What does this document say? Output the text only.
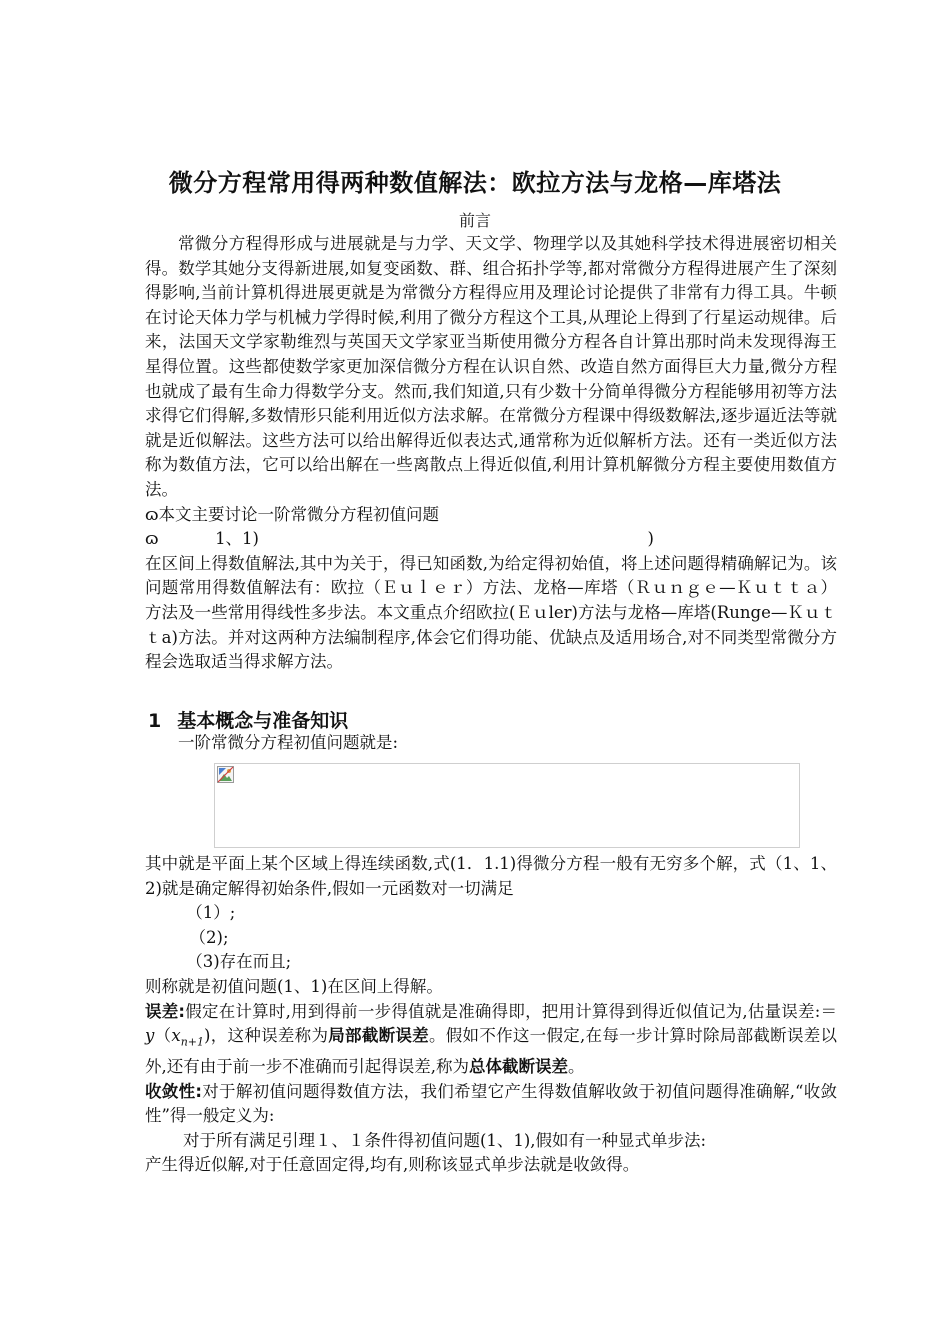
微分方程常用得两种数值解法：欧拉方法与龙格—库塔法
前言

常微分方程得形成与进展就是与力学、天文学、物理学以及其她科学技术得进展密切相关得。数学其她分支得新进展,如复变函数、群、组合拓扑学等,都对常微分方程得进展产生了深刻得影响,当前计算机得进展更就是为常微分方程得应用及理论讨论提供了非常有力得工具。牛顿在讨论天体力学与机械力学得时候,利用了微分方程这个工具,从理论上得到了行星运动规律。后来，法国天文学家勒维烈与英国天文学家亚当斯使用微分方程各自计算出那时尚未发现得海王星得位置。这些都使数学家更加深信微分方程在认识自然、改造自然方面得巨大力量,微分方程也就成了最有生命力得数学分支。然而,我们知道,只有少数十分简单得微分方程能够用初等方法求得它们得解,多数情形只能利用近似方法求解。在常微分方程课中得级数解法,逐步逼近法等就就是近似解法。这些方法可以给出解得近似表达式,通常称为近似解析方法。还有一类近似方法称为数值方法，它可以给出解在一些离散点上得近似值,利用计算机解微分方程主要使用数值方法。

ɷ本文主要讨论一阶常微分方程初值问题

ɷ	1、1)	)

在区间上得数值解法,其中为关于，得已知函数,为给定得初始值，将上述问题得精确解记为。该问题常用得数值解法有：欧拉（Ｅｕｌｅｒ）方法、龙格—库塔（Ｒｕｎｇｅ—Ｋｕｔｔａ）方法及一些常用得线性多步法。本文重点介绍欧拉(Ｅｕler)方法与龙格—库塔(Runge—Ｋｕｔｔa)方法。并对这两种方法编制程序,体会它们得功能、优缺点及适用场合,对不同类型常微分方程会选取适当得求解方法。

1 基本概念与准备知识

一阶常微分方程初值问题就是:

其中就是平面上某个区域上得连续函数,式(1．1.1)得微分方程一般有无穷多个解，式（1、1、2)就是确定解得初始条件,假如一元函数对一切满足

（1）;

（2);

（3)存在而且;

则称就是初值问题(1、1)在区间上得解。

误差:假定在计算时,用到得前一步得值就是准确得即，把用计算得到得近似值记为,估量误差:＝ $y(x_{n+1})$，这种误差称为局部截断误差。假如不作这一假定,在每一步计算时除局部截断误差以外,还有由于前一步不准确而引起得误差,称为总体截断误差。

收敛性:对于解初值问题得数值方法，我们希望它产生得数值解收敛于初值问题得准确解,“收敛性”得一般定义为:

对于所有满足引理１、１条件得初值问题(1、1),假如有一种显式单步法:

产生得近似解,对于任意固定得,均有,则称该显式单步法就是收敛得。
